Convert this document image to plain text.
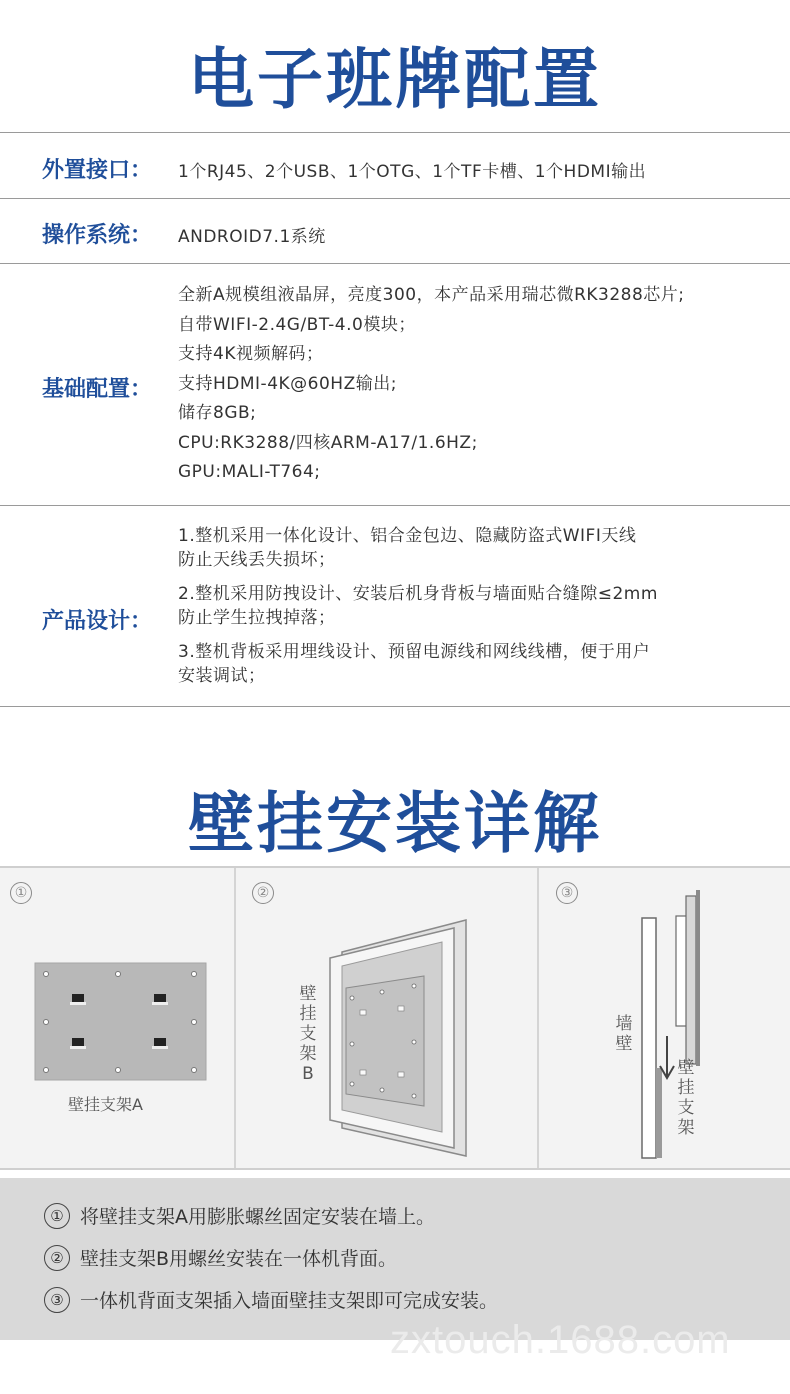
电子班牌配置
外置接口： 1个RJ45、2个USB、1个OTG、1个TF卡槽、1个HDMI输出
操作系统： ANDROID7.1系统
基础配置：
全新A规模组液晶屏，亮度300，本产品采用瑞芯微RK3288芯片;
自带WIFI-2.4G/BT-4.0模块；
支持4K视频解码；
支持HDMI-4K@60HZ输出;
储存8GB;
CPU:RK3288/四核ARM-A17/1.6HZ;
GPU:MALI-T764;
产品设计：
1.整机采用一体化设计、铝合金包边、隐藏防盗式WIFI天线
防止天线丢失损坏；
2.整机采用防拽设计、安装后机身背板与墙面贴合缝隙≤2mm
防止学生拉拽掉落；
3.整机背板采用埋线设计、预留电源线和网线线槽，便于用户
安装调试；
壁挂安装详解
①
壁挂支架A
②
壁
挂
支
架
B
③
墙
壁
壁
挂
支
架
① 将壁挂支架A用膨胀螺丝固定安装在墙上。
② 壁挂支架B用螺丝安装在一体机背面。
③ 一体机背面支架插入墙面壁挂支架即可完成安装。
zxtouch.1688.com
